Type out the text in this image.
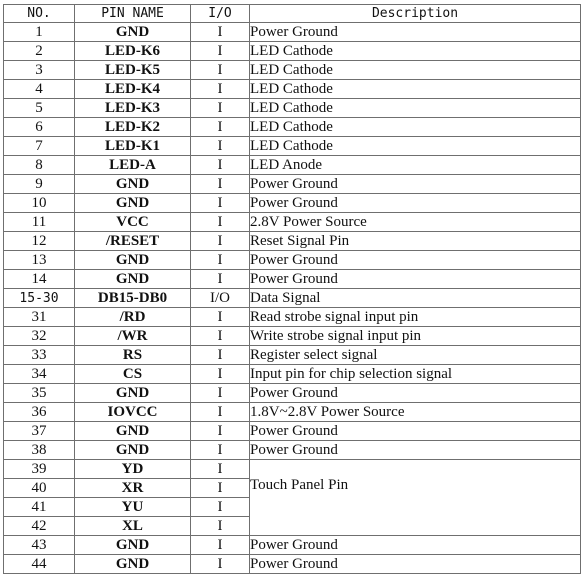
NO.	PIN NAME	I/O	Description
1	GND	I	Power Ground
2	LED-K6	I	LED Cathode
3	LED-K5	I	LED Cathode
4	LED-K4	I	LED Cathode
5	LED-K3	I	LED Cathode
6	LED-K2	I	LED Cathode
7	LED-K1	I	LED Cathode
8	LED-A	I	LED Anode
9	GND	I	Power Ground
10	GND	I	Power Ground
11	VCC	I	2.8V Power Source
12	/RESET	I	Reset Signal Pin
13	GND	I	Power Ground
14	GND	I	Power Ground
15-30	DB15-DB0	I/O	Data Signal
31	/RD	I	Read strobe signal input pin
32	/WR	I	Write strobe signal input pin
33	RS	I	Register select signal
34	CS	I	Input pin for chip selection signal
35	GND	I	Power Ground
36	IOVCC	I	1.8V~2.8V Power Source
37	GND	I	Power Ground
38	GND	I	Power Ground
39	YD	I	Touch Panel Pin
40	XR	I	
41	YU	I	
42	XL	I	
43	GND	I	Power Ground
44	GND	I	Power Ground
